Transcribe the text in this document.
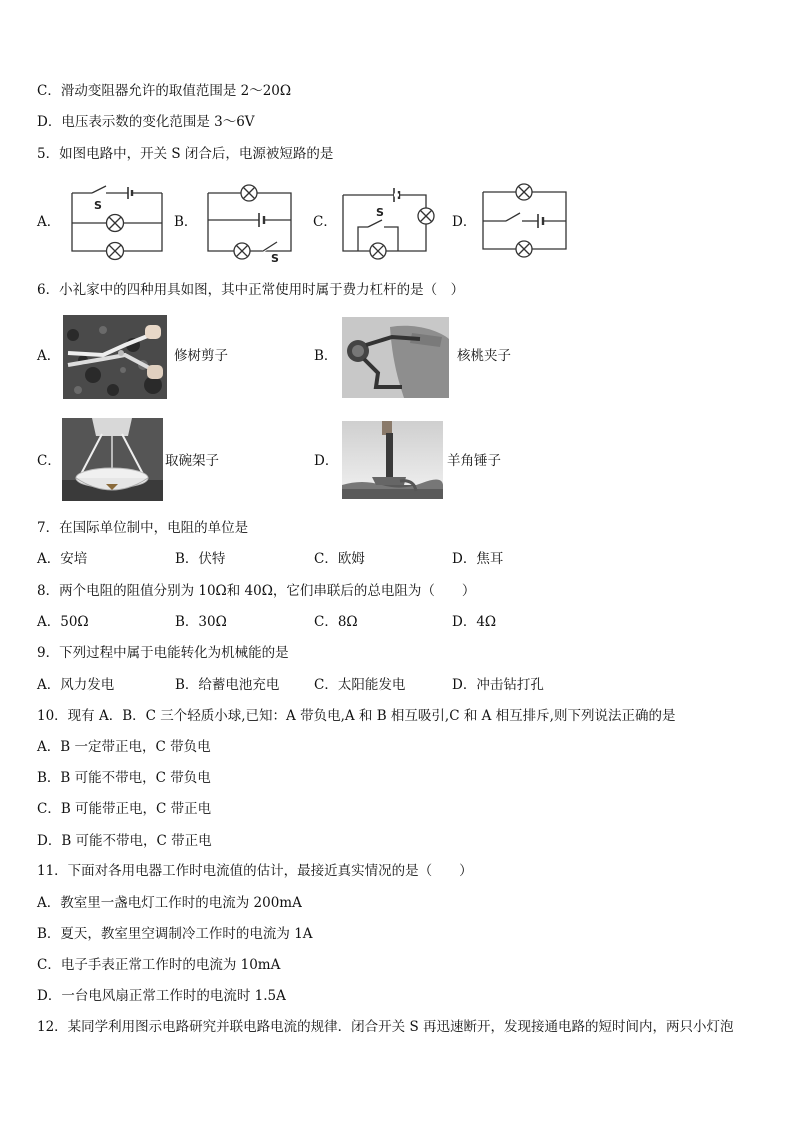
C．滑动变阻器允许的取值范围是 2～20Ω
D．电压表示数的变化范围是 3～6V
5．如图电路中，开关 S 闭合后，电源被短路的是
A．
S
B．
S
C．
S
D．
6．小礼家中的四种用具如图，其中正常使用时属于费力杠杆的是（　）
A．	修树剪子	B．	核桃夹子
C．	取碗架子	D．	羊角锤子
7．在国际单位制中，电阻的单位是
A．安培	B．伏特	C．欧姆	D．焦耳
8．两个电阻的阻值分别为 10Ω和 40Ω，它们串联后的总电阻为（　　）
A．50Ω	B．30Ω	C．8Ω	D．4Ω
9．下列过程中属于电能转化为机械能的是
A．风力发电	B．给蓄电池充电	C．太阳能发电	D．冲击钻打孔
10．现有 A．B．C 三个轻质小球,已知：A 带负电,A 和 B 相互吸引,C 和 A 相互排斥,则下列说法正确的是
A．B 一定带正电，C 带负电
B．B 可能不带电，C 带负电
C．B 可能带正电，C 带正电
D．B 可能不带电，C 带正电
11．下面对各用电器工作时电流值的估计，最接近真实情况的是（　　）
A．教室里一盏电灯工作时的电流为 200mA
B．夏天，教室里空调制冷工作时的电流为 1A
C．电子手表正常工作时的电流为 10mA
D．一台电风扇正常工作时的电流时 1.5A
12．某同学利用图示电路研究并联电路电流的规律．闭合开关 S 再迅速断开，发现接通电路的短时间内，两只小灯泡
